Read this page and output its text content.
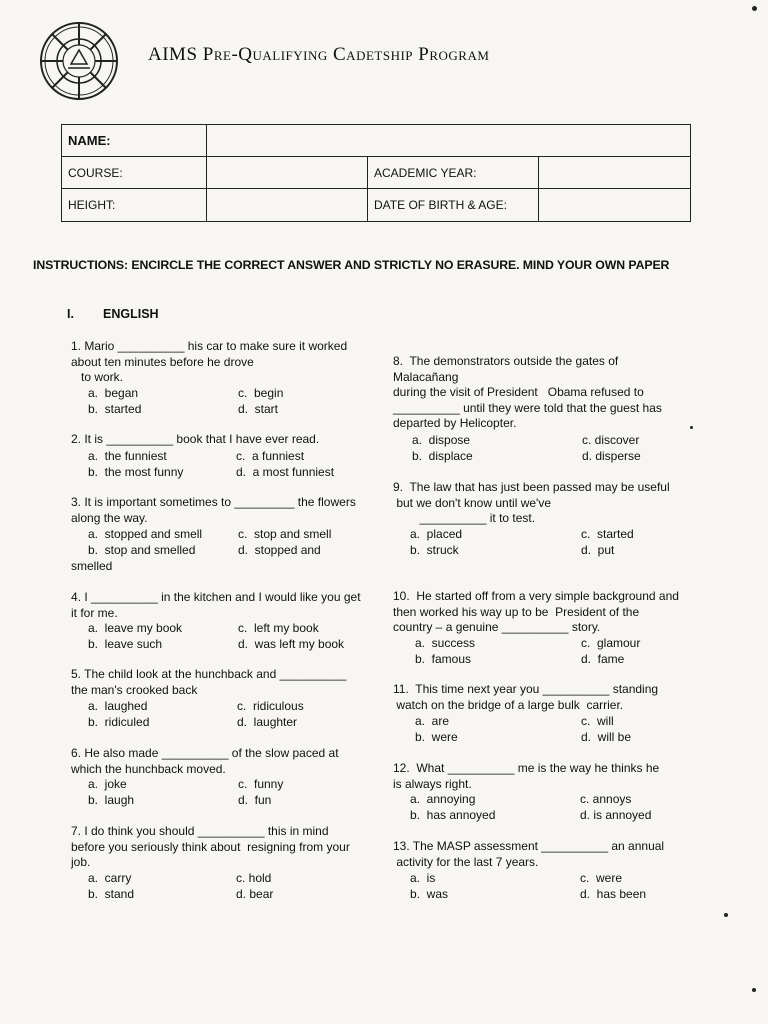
AIMS Pre-Qualifying Cadetship Program
NAME:			
COURSE:		ACADEMIC YEAR:	
HEIGHT:		DATE OF BIRTH & AGE:	
INSTRUCTIONS: ENCIRCLE THE CORRECT ANSWER AND STRICTLY NO ERASURE. MIND YOUR OWN PAPER
I. ENGLISH
1. Mario __________ his car to make sure it worked
about ten minutes before he drove
to work.
a.  began
b.  started
c.  begin
d.  start
2. It is __________ book that I have ever read.
a.  the funniest
b.  the most funny
c.  a funniest
d.  a most funniest
3. It is important sometimes to _________ the flowers
along the way.
a.  stopped and smell
b.  stop and smelled
c.  stop and smell
d.  stopped and
smelled
4. I __________ in the kitchen and I would like you get
it for me.
a.  leave my book
b.  leave such
c.  left my book
d.  was left my book
5. The child look at the hunchback and __________
the man's crooked back
a.  laughed
b.  ridiculed
c.  ridiculous
d.  laughter
6. He also made __________ of the slow paced at
which the hunchback moved.
a.  joke
b.  laugh
c.  funny
d.  fun
7. I do think you should __________ this in mind
before you seriously think about  resigning from your
job.
a.  carry
b.  stand
c. hold
d. bear
8.  The demonstrators outside the gates of
Malacañang
during the visit of President   Obama refused to
__________ until they were told that the guest has
departed by Helicopter.
a.  dispose
b.  displace
c. discover
d. disperse
9.  The law that has just been passed may be useful
but we don't know until we've
__________ it to test.
a.  placed
b.  struck
c.  started
d.  put
10.  He started off from a very simple background and
then worked his way up to be  President of the
country – a genuine __________ story.
a.  success
b.  famous
c.  glamour
d.  fame
11.  This time next year you __________ standing
watch on the bridge of a large bulk  carrier.
a.  are
b.  were
c.  will
d.  will be
12.  What __________ me is the way he thinks he
is always right.
a.  annoying
b.  has annoyed
c. annoys
d. is annoyed
13. The MASP assessment __________ an annual
activity for the last 7 years.
a.  is
b.  was
c.  were
d.  has been
